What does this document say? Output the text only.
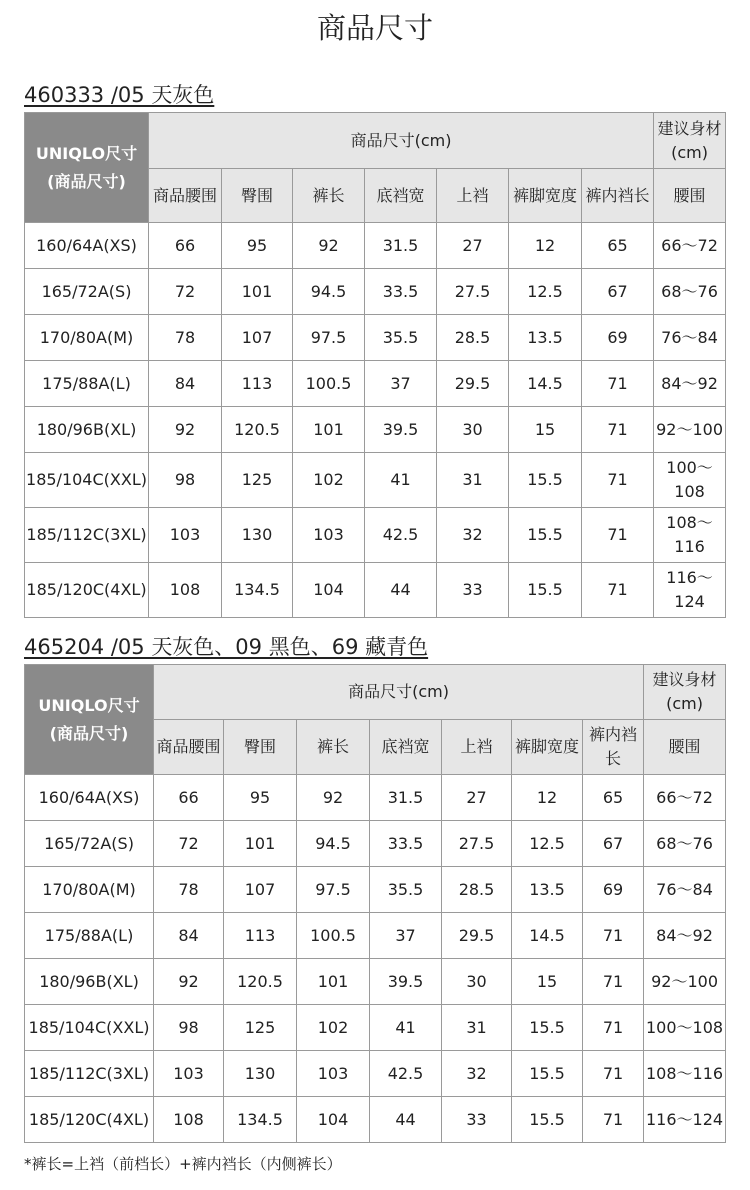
商品尺寸
460333 /05 天灰色
UNIQLO尺寸
(商品尺寸)	商品尺寸(cm)							建议身材(cm)
	商品腰围	臀围	裤长	底裆宽	上裆	裤脚宽度	裤内裆长	腰围
160/64A(XS)	66	95	92	31.5	27	12	65	66～72
165/72A(S)	72	101	94.5	33.5	27.5	12.5	67	68～76
170/80A(M)	78	107	97.5	35.5	28.5	13.5	69	76～84
175/88A(L)	84	113	100.5	37	29.5	14.5	71	84～92
180/96B(XL)	92	120.5	101	39.5	30	15	71	92～100
185/104C(XXL)	98	125	102	41	31	15.5	71	100～108
185/112C(3XL)	103	130	103	42.5	32	15.5	71	108～116
185/120C(4XL)	108	134.5	104	44	33	15.5	71	116～124
465204 /05 天灰色、09 黑色、69 藏青色
UNIQLO尺寸
(商品尺寸)	商品尺寸(cm)							建议身材(cm)
	商品腰围	臀围	裤长	底裆宽	上裆	裤脚宽度	裤内裆长	腰围
160/64A(XS)	66	95	92	31.5	27	12	65	66～72
165/72A(S)	72	101	94.5	33.5	27.5	12.5	67	68～76
170/80A(M)	78	107	97.5	35.5	28.5	13.5	69	76～84
175/88A(L)	84	113	100.5	37	29.5	14.5	71	84～92
180/96B(XL)	92	120.5	101	39.5	30	15	71	92～100
185/104C(XXL)	98	125	102	41	31	15.5	71	100～108
185/112C(3XL)	103	130	103	42.5	32	15.5	71	108～116
185/120C(4XL)	108	134.5	104	44	33	15.5	71	116～124
*裤长=上裆（前档长）+裤内裆长（内侧裤长）
